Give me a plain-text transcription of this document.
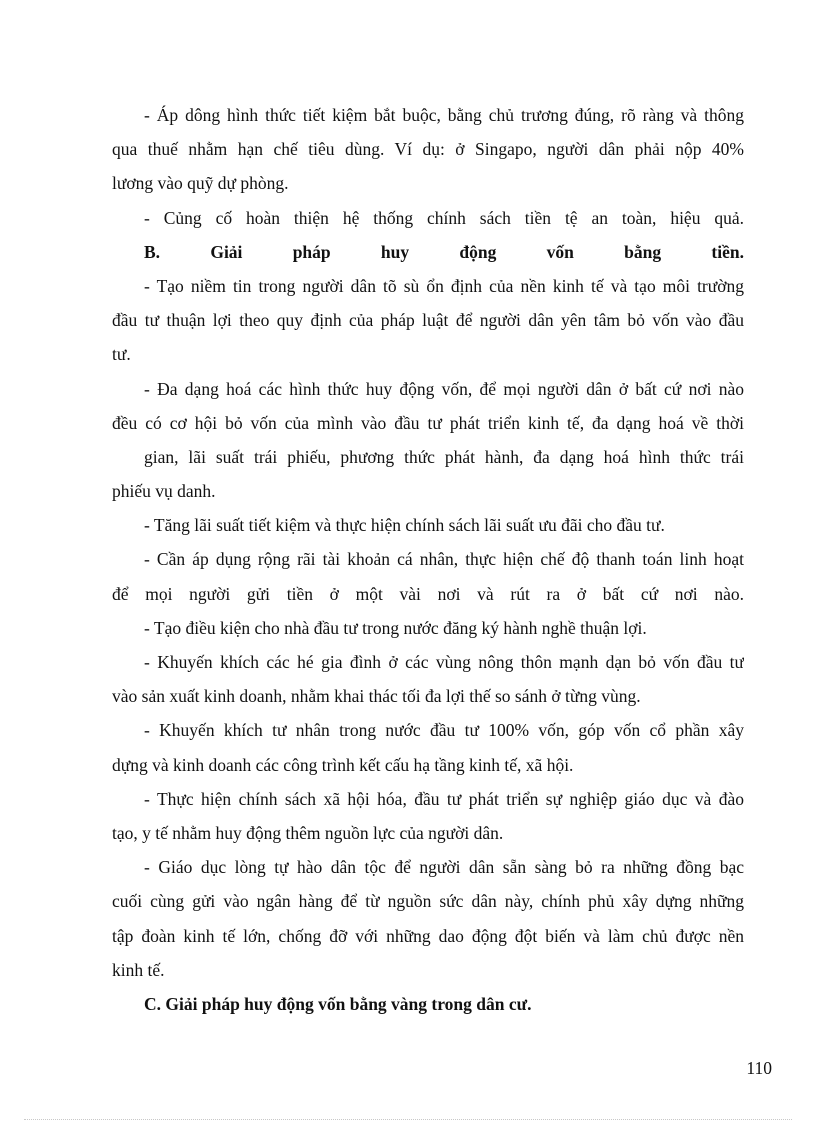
- Áp dông hình thức tiết kiệm bắt buộc, bằng chủ trương đúng, rõ ràng và thông
qua thuế nhằm hạn chế tiêu dùng. Ví dụ: ở Singapo, người dân phải nộp 40%
lương vào quỹ dự phòng.
- Củng cố hoàn thiện hệ thống chính sách tiền tệ an toàn, hiệu quả.
B. Giải pháp huy động vốn bằng tiền.
- Tạo niềm tin trong người dân tõ sù ổn định của nền kinh tế và tạo môi trường
đầu tư thuận lợi theo quy định của pháp luật để người dân yên tâm bỏ vốn vào đầu
tư.
- Đa dạng hoá các hình thức huy động vốn, để mọi người dân ở bất cứ nơi nào
đều có cơ hội bỏ vốn của mình vào đầu tư phát triển kinh tế, đa dạng hoá về thời
gian, lãi suất trái phiếu, phương thức phát hành, đa dạng hoá hình thức trái
phiếu vụ danh.
- Tăng lãi suất tiết kiệm và thực hiện chính sách lãi suất ưu đãi cho đầu tư.
- Cần áp dụng rộng rãi tài khoản cá nhân, thực hiện chế độ thanh toán linh hoạt
để mọi người gửi tiền ở một vài nơi và rút ra ở bất cứ nơi nào.
- Tạo điều kiện cho nhà đầu tư trong nước đăng ký hành nghề thuận lợi.
- Khuyến khích các hé gia đình ở các vùng nông thôn mạnh dạn bỏ vốn đầu tư
vào sản xuất kinh doanh, nhằm khai thác tối đa lợi thế so sánh ở từng vùng.
- Khuyến khích tư nhân trong nước đầu tư 100% vốn, góp vốn cổ phần xây
dựng và kinh doanh các công trình kết cấu hạ tầng kinh tế, xã hội.
- Thực hiện chính sách xã hội hóa, đầu tư phát triển sự nghiệp giáo dục và đào
tạo, y tế nhằm huy động thêm nguồn lực của người dân.
- Giáo dục lòng tự hào dân tộc để người dân sẵn sàng bỏ ra những đồng bạc
cuối cùng gửi vào ngân hàng để từ nguồn sức dân này, chính phủ xây dựng những
tập đoàn kinh tế lớn, chống đỡ với những dao động đột biến và làm chủ được nền
kinh tế.
C. Giải pháp huy động vốn bằng vàng trong dân cư.
110
